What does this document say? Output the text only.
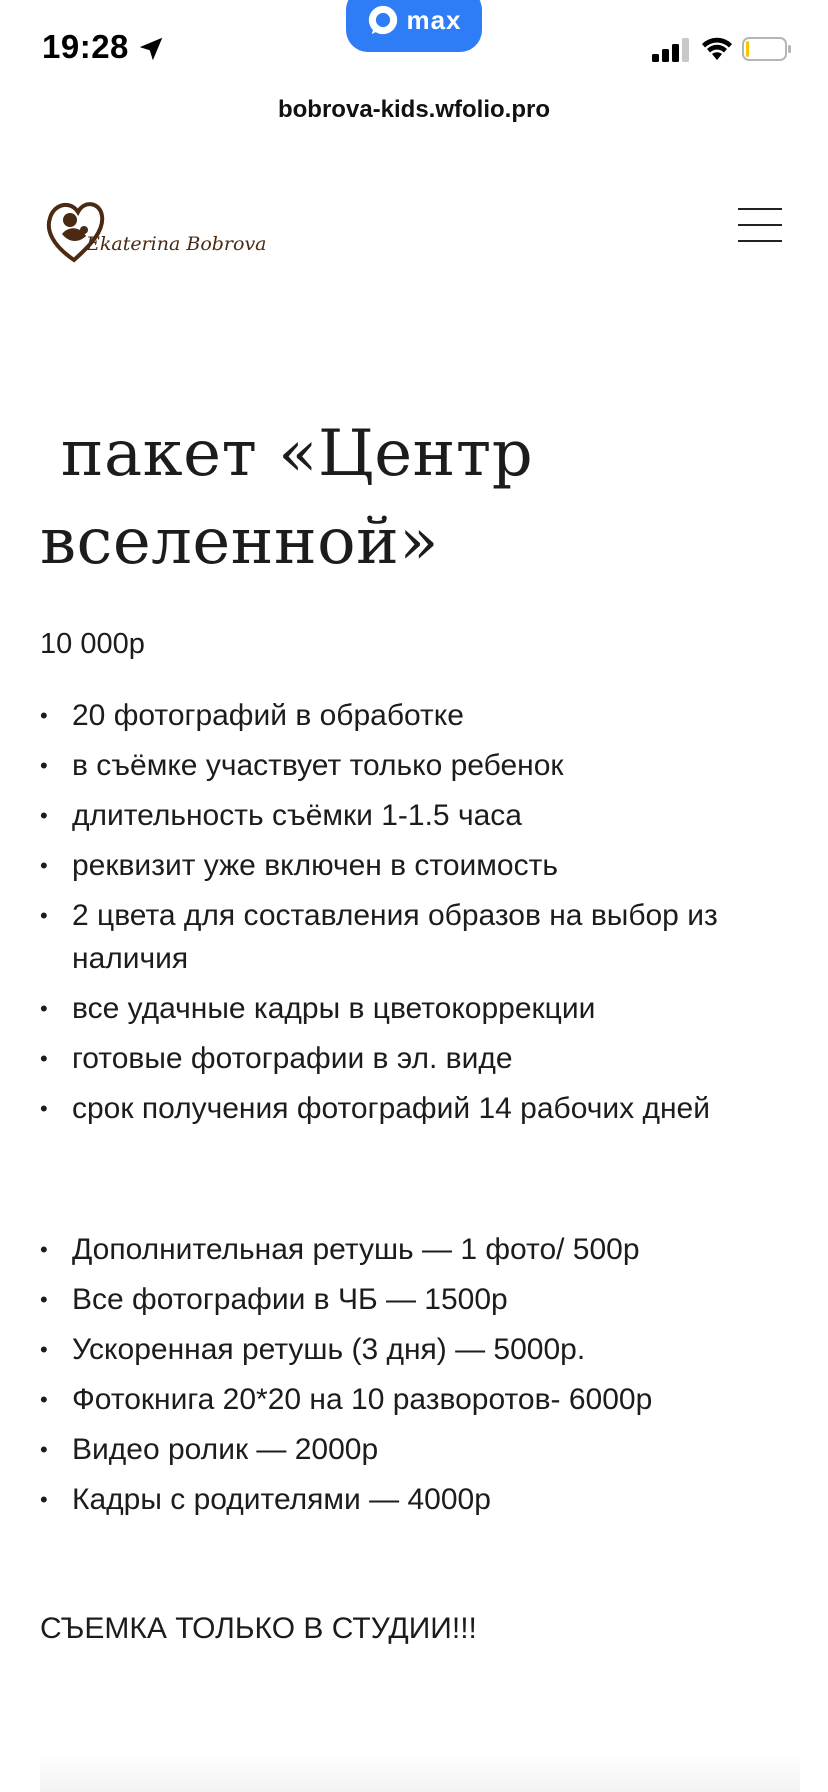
19:28
max
bobrova-kids.wfolio.pro
Ekaterina Bobrova
пакет «Центр
вселенной»
10 000р
• 20 фотографий в обработке
• в съёмке участвует только ребенок
• длительность съёмки 1-1.5 часа
• реквизит уже включен в стоимость
• 2 цвета для составления образов на выбор из наличия
• все удачные кадры в цветокоррекции
• готовые фотографии в эл. виде
• срок получения фотографий 14 рабочих дней
• Дополнительная ретушь — 1 фото/ 500р
• Все фотографии в ЧБ — 1500р
• Ускоренная ретушь (3 дня) — 5000р.
• Фотокнига 20*20 на 10 разворотов- 6000р
• Видео ролик — 2000р
• Кадры с родителями — 4000р
СЪЕМКА ТОЛЬКО В СТУДИИ!!!
